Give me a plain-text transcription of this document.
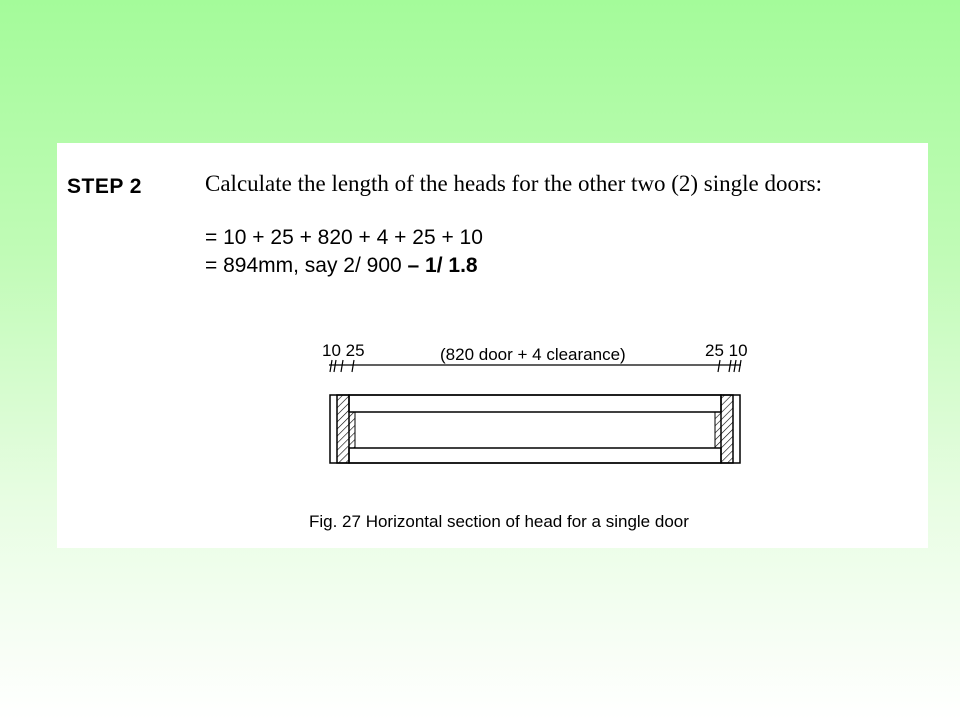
STEP 2	Calculate the length of the heads for the other two (2) single doors:
= 10 + 25 + 820 + 4 + 25 + 10
= 894mm, say 2/ 900 – 1/ 1.8
10 25	(820 door + 4 clearance)	25 10
Fig. 27 Horizontal section of head for a single door
